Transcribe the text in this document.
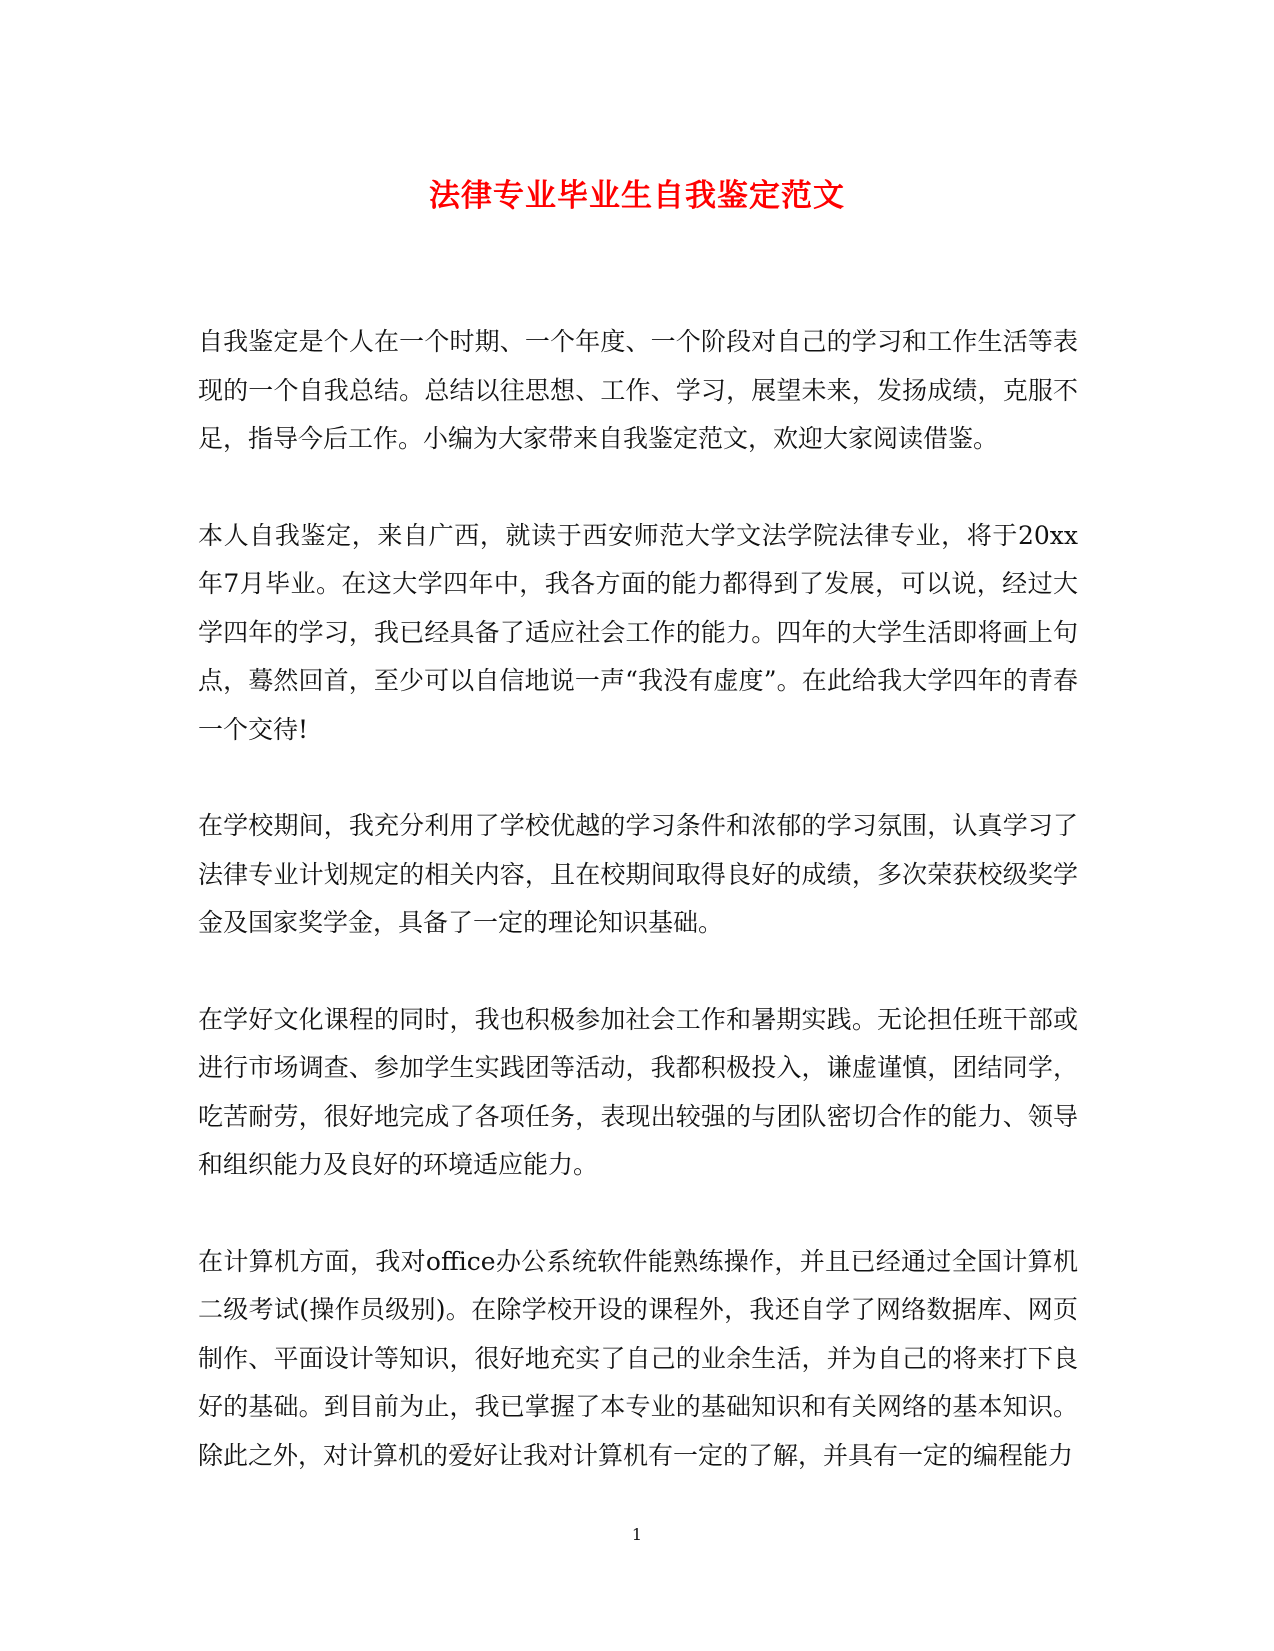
法律专业毕业生自我鉴定范文

自我鉴定是个人在一个时期、一个年度、一个阶段对自己的学习和工作生活等表现的一个自我总结。总结以往思想、工作、学习，展望未来，发扬成绩，克服不足，指导今后工作。小编为大家带来自我鉴定范文，欢迎大家阅读借鉴。

本人自我鉴定，来自广西，就读于西安师范大学文法学院法律专业，将于20xx年7月毕业。在这大学四年中，我各方面的能力都得到了发展，可以说，经过大学四年的学习，我已经具备了适应社会工作的能力。四年的大学生活即将画上句点，蓦然回首，至少可以自信地说一声“我没有虚度”。在此给我大学四年的青春一个交待!

在学校期间，我充分利用了学校优越的学习条件和浓郁的学习氛围，认真学习了法律专业计划规定的相关内容，且在校期间取得良好的成绩，多次荣获校级奖学金及国家奖学金，具备了一定的理论知识基础。

在学好文化课程的同时，我也积极参加社会工作和暑期实践。无论担任班干部或进行市场调查、参加学生实践团等活动，我都积极投入，谦虚谨慎，团结同学，吃苦耐劳，很好地完成了各项任务，表现出较强的与团队密切合作的能力、领导和组织能力及良好的环境适应能力。

在计算机方面，我对office办公系统软件能熟练操作，并且已经通过全国计算机二级考试(操作员级别)。在除学校开设的课程外，我还自学了网络数据库、网页制作、平面设计等知识，很好地充实了自己的业余生活，并为自己的将来打下良好的基础。到目前为止，我已掌握了本专业的基础知识和有关网络的基本知识。除此之外，对计算机的爱好让我对计算机有一定的了解，并具有一定的编程能力

1
